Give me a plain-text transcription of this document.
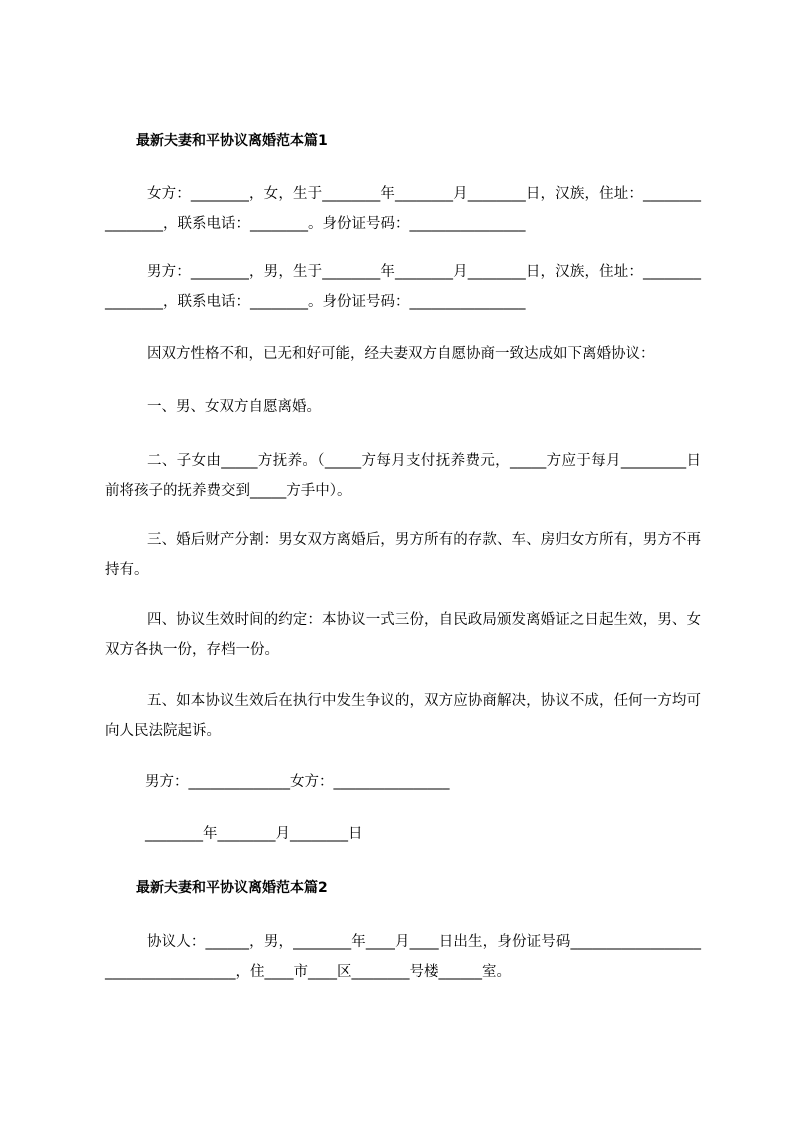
最新夫妻和平协议离婚范本篇1
女方：________，女，生于________年________月________日，汉族，住址：________________，联系电话：________。身份证号码：________________
男方：________，男，生于________年________月________日，汉族，住址：________________，联系电话：________。身份证号码：________________
因双方性格不和，已无和好可能，经夫妻双方自愿协商一致达成如下离婚协议：
一、男、女双方自愿离婚。
二、子女由_____方抚养。（_____方每月支付抚养费元，_____方应于每月_________日前将孩子的抚养费交到_____方手中）。
三、婚后财产分割：男女双方离婚后，男方所有的存款、车、房归女方所有，男方不再持有。
四、协议生效时间的约定：本协议一式三份，自民政局颁发离婚证之日起生效，男、女双方各执一份，存档一份。
五、如本协议生效后在执行中发生争议的，双方应协商解决，协议不成，任何一方均可向人民法院起诉。
男方：______________女方：________________
________年________月________日
最新夫妻和平协议离婚范本篇2
协议人：______，男，________年____月____日出生，身份证号码____________________________________，住____市____区________号楼______室。
